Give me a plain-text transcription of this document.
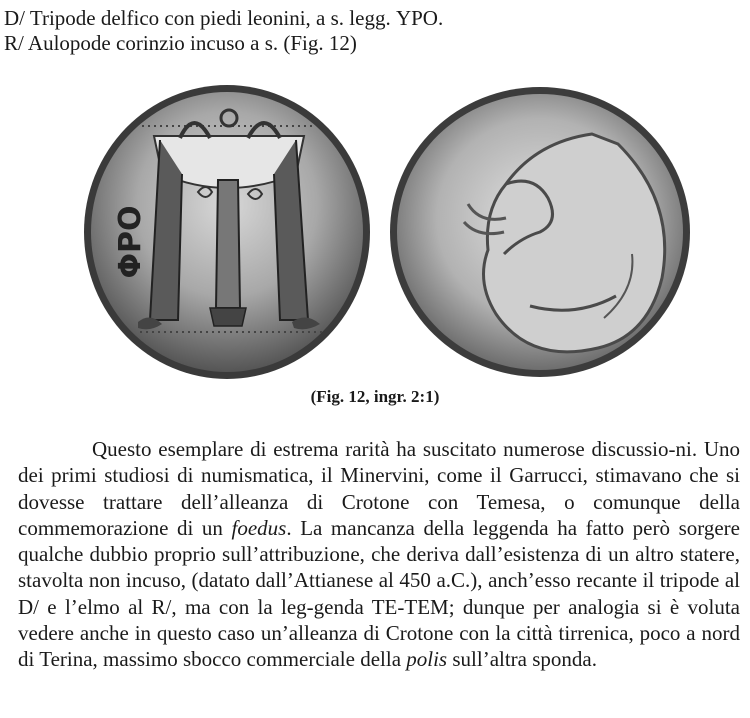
D/ Tripode delfico con piedi leonini, a s. legg. ΥΡΟ.
R/ Aulopode corinzio incuso a s. (Fig. 12)
ΦΡΟ
(Fig. 12, ingr. 2:1)

Questo esemplare di estrema rarità ha suscitato numerose discussio-ni. Uno dei primi studiosi di numismatica, il Minervini, come il Garrucci, stimavano che si dovesse trattare dell’alleanza di Crotone con Temesa, o comunque della commemorazione di un foedus. La mancanza della leggenda ha fatto però sorgere qualche dubbio proprio sull’attribuzione, che deriva dall’esistenza di un altro statere, stavolta non incuso, (datato dall’Attianese al 450 a.C.), anch’esso recante il tripode al D/ e l’elmo al R/, ma con la leg-genda TE-TEM; dunque per analogia si è voluta vedere anche in questo caso un’alleanza di Crotone con la città tirrenica, poco a nord di Terina, massimo sbocco commerciale della polis sull’altra sponda.
